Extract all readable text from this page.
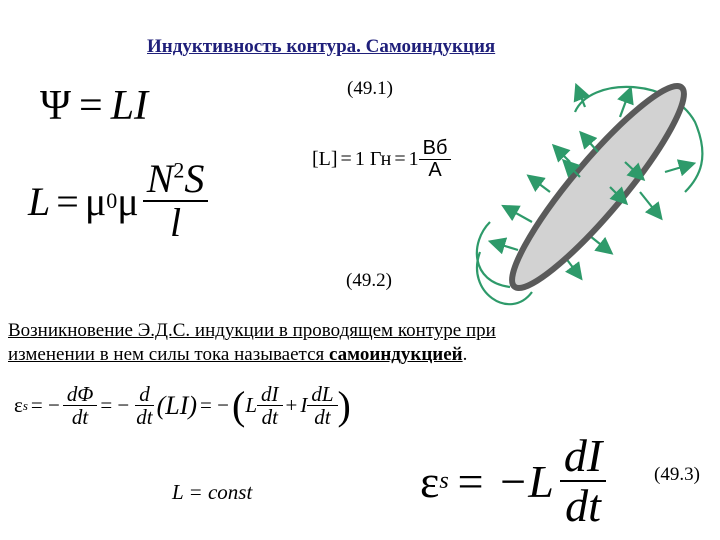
Индуктивность контура. Самоиндукция
(49.1)
(49.2)
(49.3)
Ψ = LI
L = μ 0 μ $\frac{N^2S}{l}$	[L] = 1 Гн = $1 \frac{Вб}{А}$
Возникновение Э.Д.С. индукции в проводящем контуре при
изменении в нем силы тока называется самоиндукцией.
ε s = − $\frac{d\Phi}{dt}$ = − $\frac{d}{dt} (LI)$ = − ( L $\frac{dI}{dt} + I \frac{dL}{dt}$ )
L = const	ε $s = -L \frac{dI}{dt}$
